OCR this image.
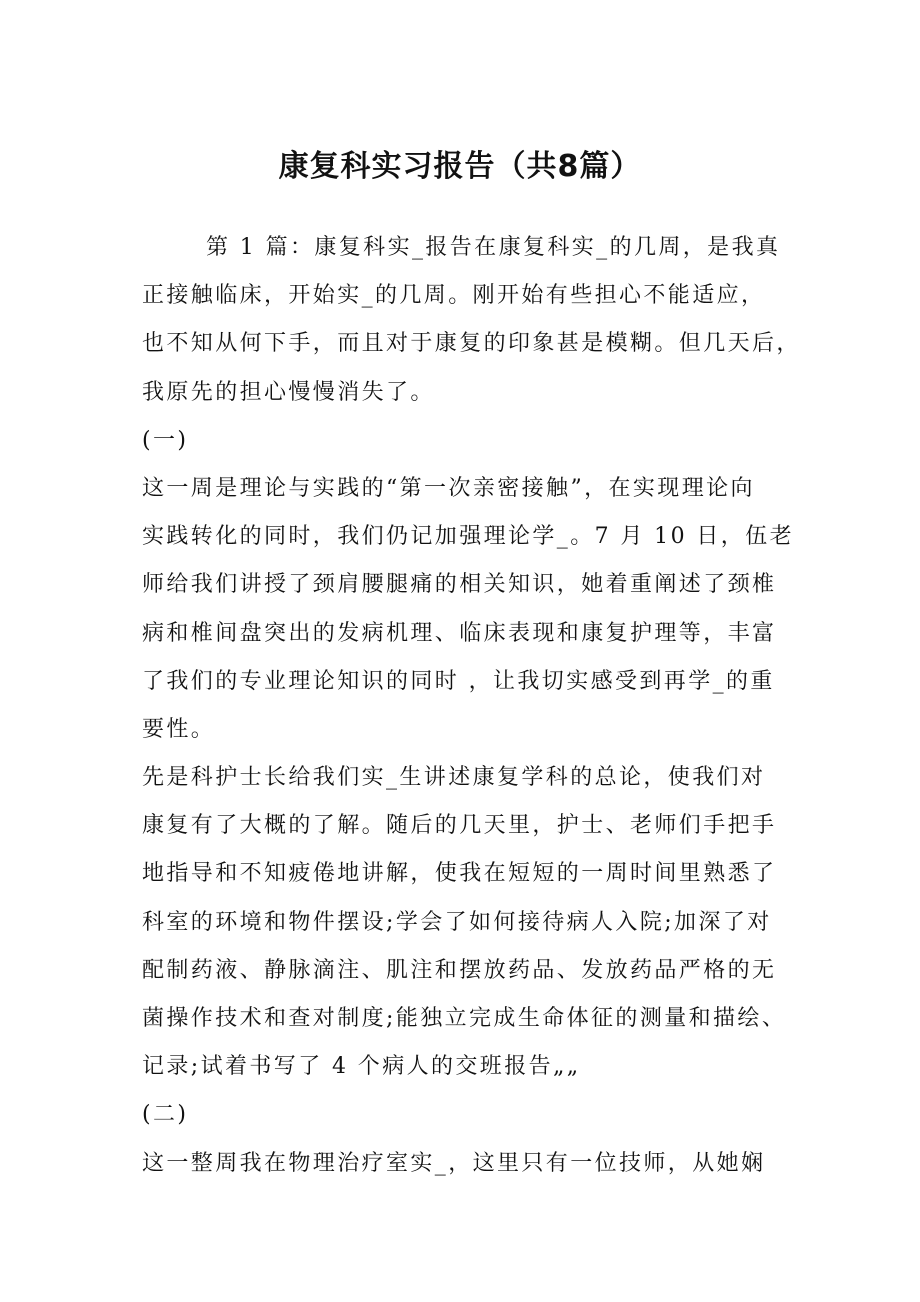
康复科实习报告（共8篇）
第 1 篇：康复科实_报告在康复科实_的几周，是我真
正接触临床，开始实_的几周。刚开始有些担心不能适应，
也不知从何下手，而且对于康复的印象甚是模糊。但几天后，
我原先的担心慢慢消失了。
(一)
这一周是理论与实践的“第一次亲密接触”，在实现理论向
实践转化的同时，我们仍记加强理论学_。7 月 10 日，伍老
师给我们讲授了颈肩腰腿痛的相关知识，她着重阐述了颈椎
病和椎间盘突出的发病机理、临床表现和康复护理等，丰富
了我们的专业理论知识的同时 ，让我切实感受到再学_的重
要性。
先是科护士长给我们实_生讲述康复学科的总论，使我们对
康复有了大概的了解。随后的几天里，护士、老师们手把手
地指导和不知疲倦地讲解，使我在短短的一周时间里熟悉了
科室的环境和物件摆设;学会了如何接待病人入院;加深了对
配制药液、静脉滴注、肌注和摆放药品、发放药品严格的无
菌操作技术和查对制度;能独立完成生命体征的测量和描绘、
记录;试着书写了 4 个病人的交班报告„„
(二)
这一整周我在物理治疗室实_，这里只有一位技师，从她娴
